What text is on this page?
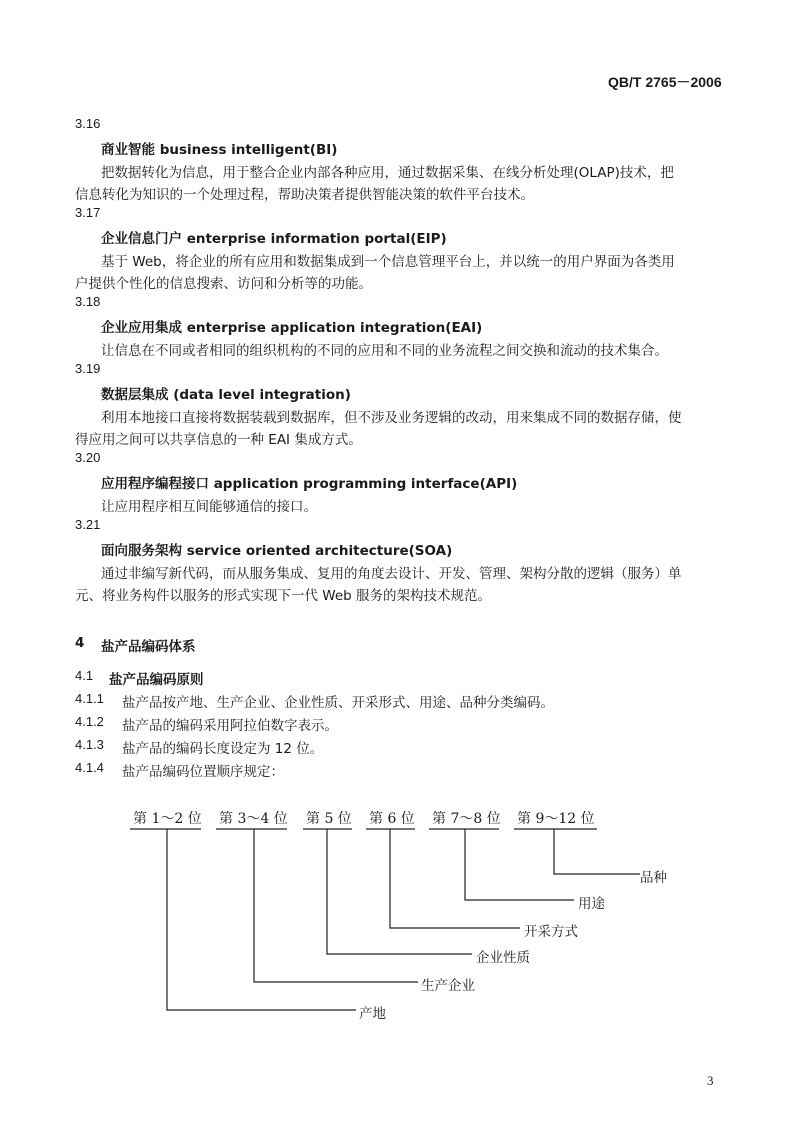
QB/T 2765－2006
3.16
商业智能 business intelligent(BI)
把数据转化为信息，用于整合企业内部各种应用，通过数据采集、在线分析处理(OLAP)技术，把
信息转化为知识的一个处理过程，帮助决策者提供智能决策的软件平台技术。
3.17
企业信息门户 enterprise information portal(EIP)
基于 Web，将企业的所有应用和数据集成到一个信息管理平台上，并以统一的用户界面为各类用
户提供个性化的信息搜索、访问和分析等的功能。
3.18
企业应用集成 enterprise application integration(EAI)
让信息在不同或者相同的组织机构的不同的应用和不同的业务流程之间交换和流动的技术集合。
3.19
数据层集成 (data level integration)
利用本地接口直接将数据装载到数据库，但不涉及业务逻辑的改动，用来集成不同的数据存储，使
得应用之间可以共享信息的一种 EAI 集成方式。
3.20
应用程序编程接口 application programming interface(API)
让应用程序相互间能够通信的接口。
3.21
面向服务架构 service oriented architecture(SOA)
通过非编写新代码，而从服务集成、复用的角度去设计、开发、管理、架构分散的逻辑（服务）单
元、将业务构件以服务的形式实现下一代 Web 服务的架构技术规范。
4 盐产品编码体系
4.1 盐产品编码原则
4.1.1 盐产品按产地、生产企业、企业性质、开采形式、用途、品种分类编码。
4.1.2 盐产品的编码采用阿拉伯数字表示。
4.1.3 盐产品的编码长度设定为 12 位。
4.1.4 盐产品编码位置顺序规定：
第 1～2 位 第 3～4 位 第 5 位 第 6 位 第 7～8 位 第 9～12 位
品种
用途
开采方式
企业性质
生产企业
产地
3
